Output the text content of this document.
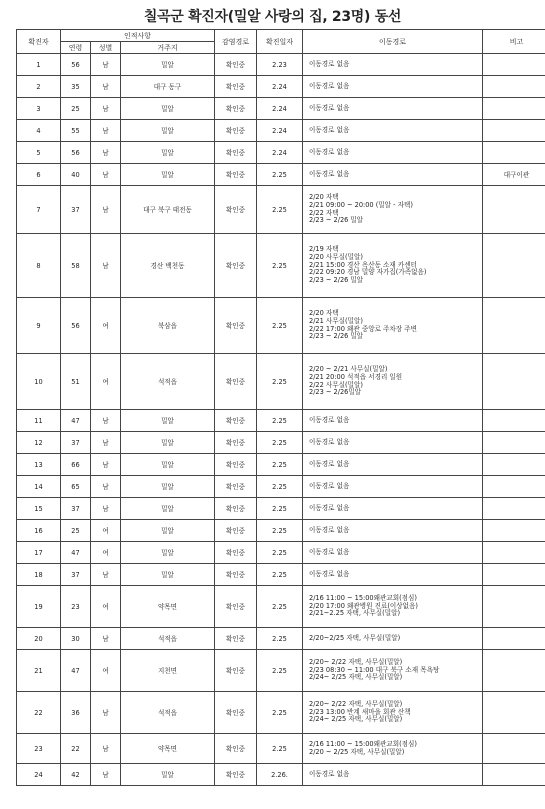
칠곡군 확진자(밀알 사랑의 집, 23명) 동선
확진자	인적사항			감염경로	확진일자	이동경로	비고
	연령	성별	거주지				
1	56	남	밀알	확인중	2.23	이동경로 없음	

2	35	남	대구 동구	확인중	2.24	이동경로 없음	

3	25	남	밀알	확인중	2.24	이동경로 없음	

4	55	남	밀알	확인중	2.24	이동경로 없음	

5	56	남	밀알	확인중	2.24	이동경로 없음	

6	40	남	밀알	확인중	2.25	이동경로 없음	대구이관
7	37	남	대구 북구 태전동	확인중	2.25	2/20 자택
2/21 09:00 ~ 20:00 (밀알 - 자택)
2/22 자택
2/23 ~ 2/26 밀알	

8	58	남	경산 백천동	확인중	2.25	2/19 자택
2/20 사무실(밀알)
2/21 15:00 경산 옥산동 소재 카센터
2/22 09:20 경남 밀양 자가집(가족없음)
2/23 ~ 2/26 밀알	

9	56	여	북삼읍	확인중	2.25	2/20 자택
2/21 사무실(밀알)
2/22 17:00 왜관 중앙로 주차장 주변
2/23 ~ 2/26 밀알	

10	51	여	석적읍	확인중	2.25	2/20 ~ 2/21 사무실(밀알)
2/21 20:00 석적읍 서경리 일원
2/22 사무실(밀알)
2/23 ~ 2/26밀알	

11	47	남	밀알	확인중	2.25	이동경로 없음	

12	37	남	밀알	확인중	2.25	이동경로 없음	

13	66	남	밀알	확인중	2.25	이동경로 없음	

14	65	남	밀알	확인중	2.25	이동경로 없음	

15	37	남	밀알	확인중	2.25	이동경로 없음	

16	25	여	밀알	확인중	2.25	이동경로 없음	

17	47	여	밀알	확인중	2.25	이동경로 없음	

18	37	남	밀알	확인중	2.25	이동경로 없음	

19	23	여	약목면	확인중	2.25	2/16 11:00 ~ 15:00왜관교회(점심)
2/20 17:00 왜관병원 진료(이상없음)
2/21~2.25 자택, 사무실(밀알)	

20	30	남	석적읍	확인중	2.25	2/20~2/25 자택, 사무실(밀알)	

21	47	여	지천면	확인중	2.25	2/20~ 2/22 자택, 사무실(밀알)
2/23 08:30 ~ 11:00 대구 북구 소재 목욕탕
2/24~ 2/25 자택, 사무실(밀알)	

22	36	남	석적읍	확인중	2.25	2/20~ 2/22 자택, 사무실(밀알)
2/23 13:00 반계 새마을 회관 산책
2/24~ 2/25 자택, 사무실(밀알)	

23	22	남	약목면	확인중	2.25	2/16 11:00 ~ 15:00왜관교회(점심)
2/20 ~ 2/25 자택, 사무실(밀알)	

24	42	남	밀알	확인중	2.26.	이동경로 없음	
